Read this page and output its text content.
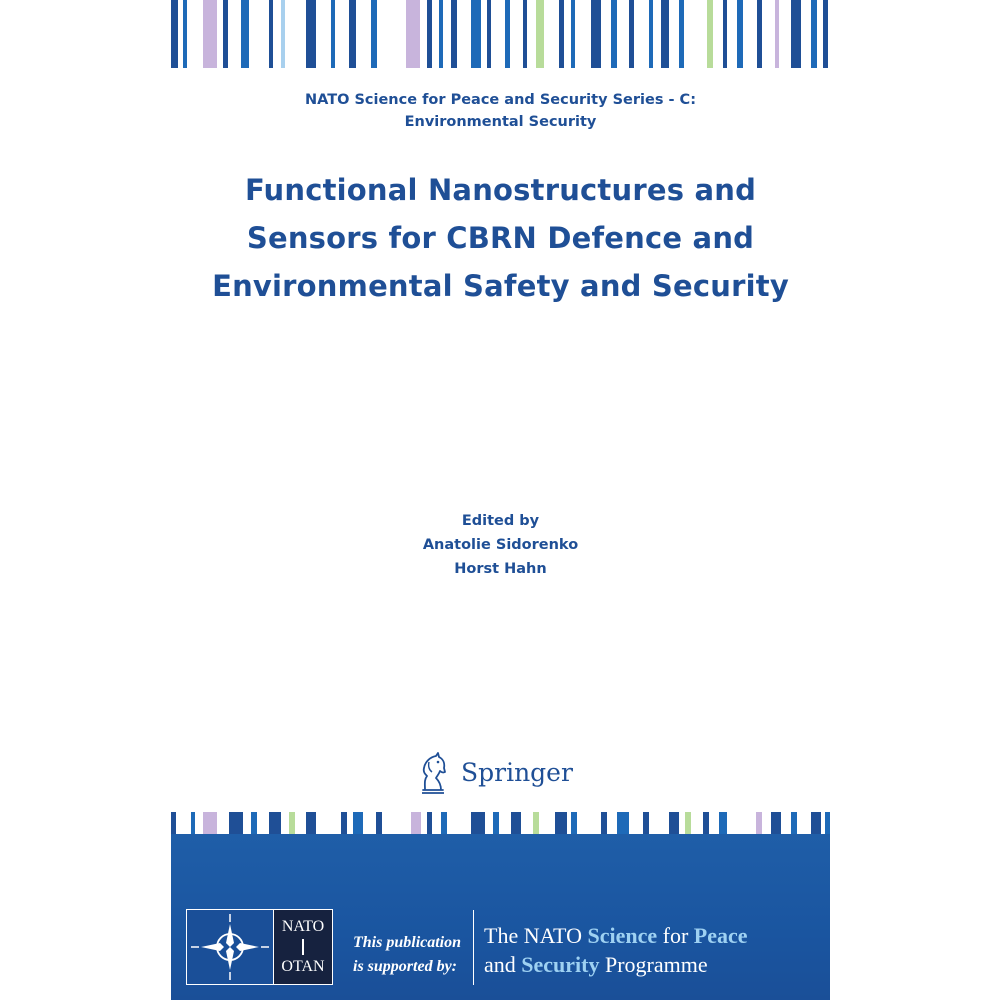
NATO Science for Peace and Security Series - C:
Environmental Security
Functional Nanostructures and
Sensors for CBRN Defence and
Environmental Safety and Security
Edited by
Anatolie Sidorenko
Horst Hahn
Springer
NATO
OTAN
This publication
is supported by:
The NATO Science for Peace
and Security Programme
